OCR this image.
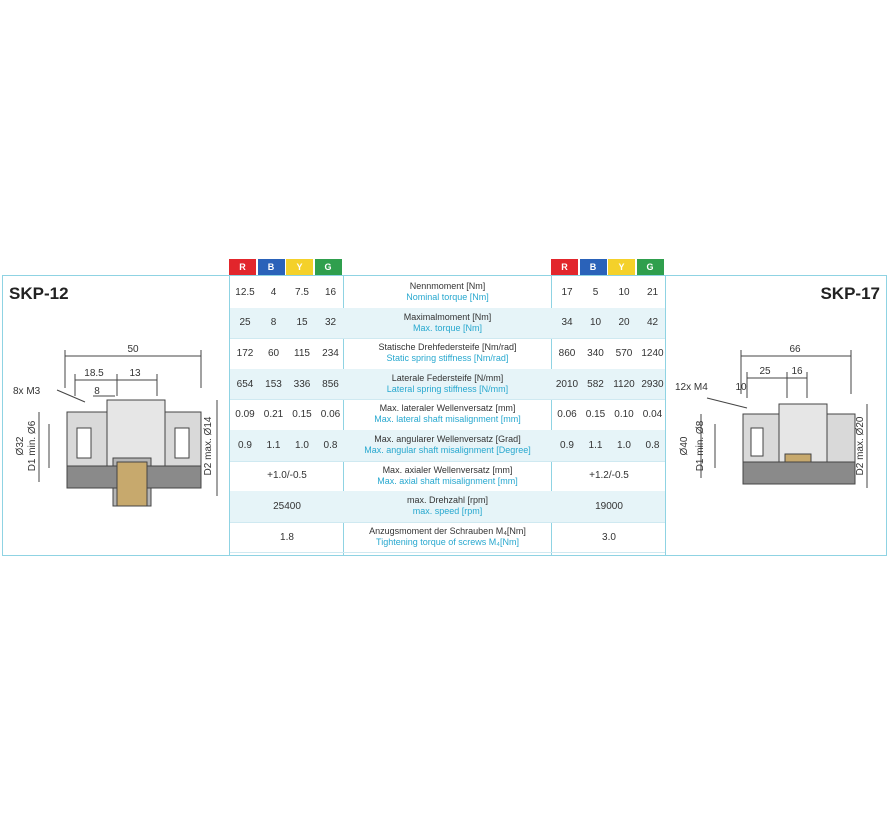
R	B	Y	G	R	B	Y	G
SKP-12	SKP-17
50
18.5	13
8
8x M3
Ø32 D1 min. Ø6	D2 max. Ø14
66
25 16
10
12x M4
Ø40 D1 min. Ø8	D2 max. Ø20
Nennmoment [Nm]
Nominal torque [Nm]
12.5	4	7.5	16	17	5	10	21
Maximalmoment [Nm]
Max. torque [Nm]
25	8	15	32	34	10	20	42
Statische Drehfedersteife [Nm/rad]
Static spring stiffness [Nm/rad]
172	60	115	234	860	340	570 1240
Laterale Federsteife [N/mm]
Lateral spring stiffness [N/mm]
654	153	336	856	2010 582 1120 2930
Max. lateraler Wellenversatz [mm]
Max. lateral shaft misalignment [mm]
0.09 0.21 0.15 0.06	0.06 0.15 0.10 0.04
Max. angularer Wellenversatz [Grad]
Max. angular shaft misalignment [Degree]
0.9	1.1	1.0	0.8	0.9	1.1	1.0	0.8
Max. axialer Wellenversatz [mm]
Max. axial shaft misalignment [mm]
+1.0/-0.5	+1.2/-0.5
max. Drehzahl [rpm]
max. speed [rpm]
25400	19000
Anzugsmoment der Schrauben M₄[Nm]
Tightening torque of screws M₄[Nm]
1.8	3.0
